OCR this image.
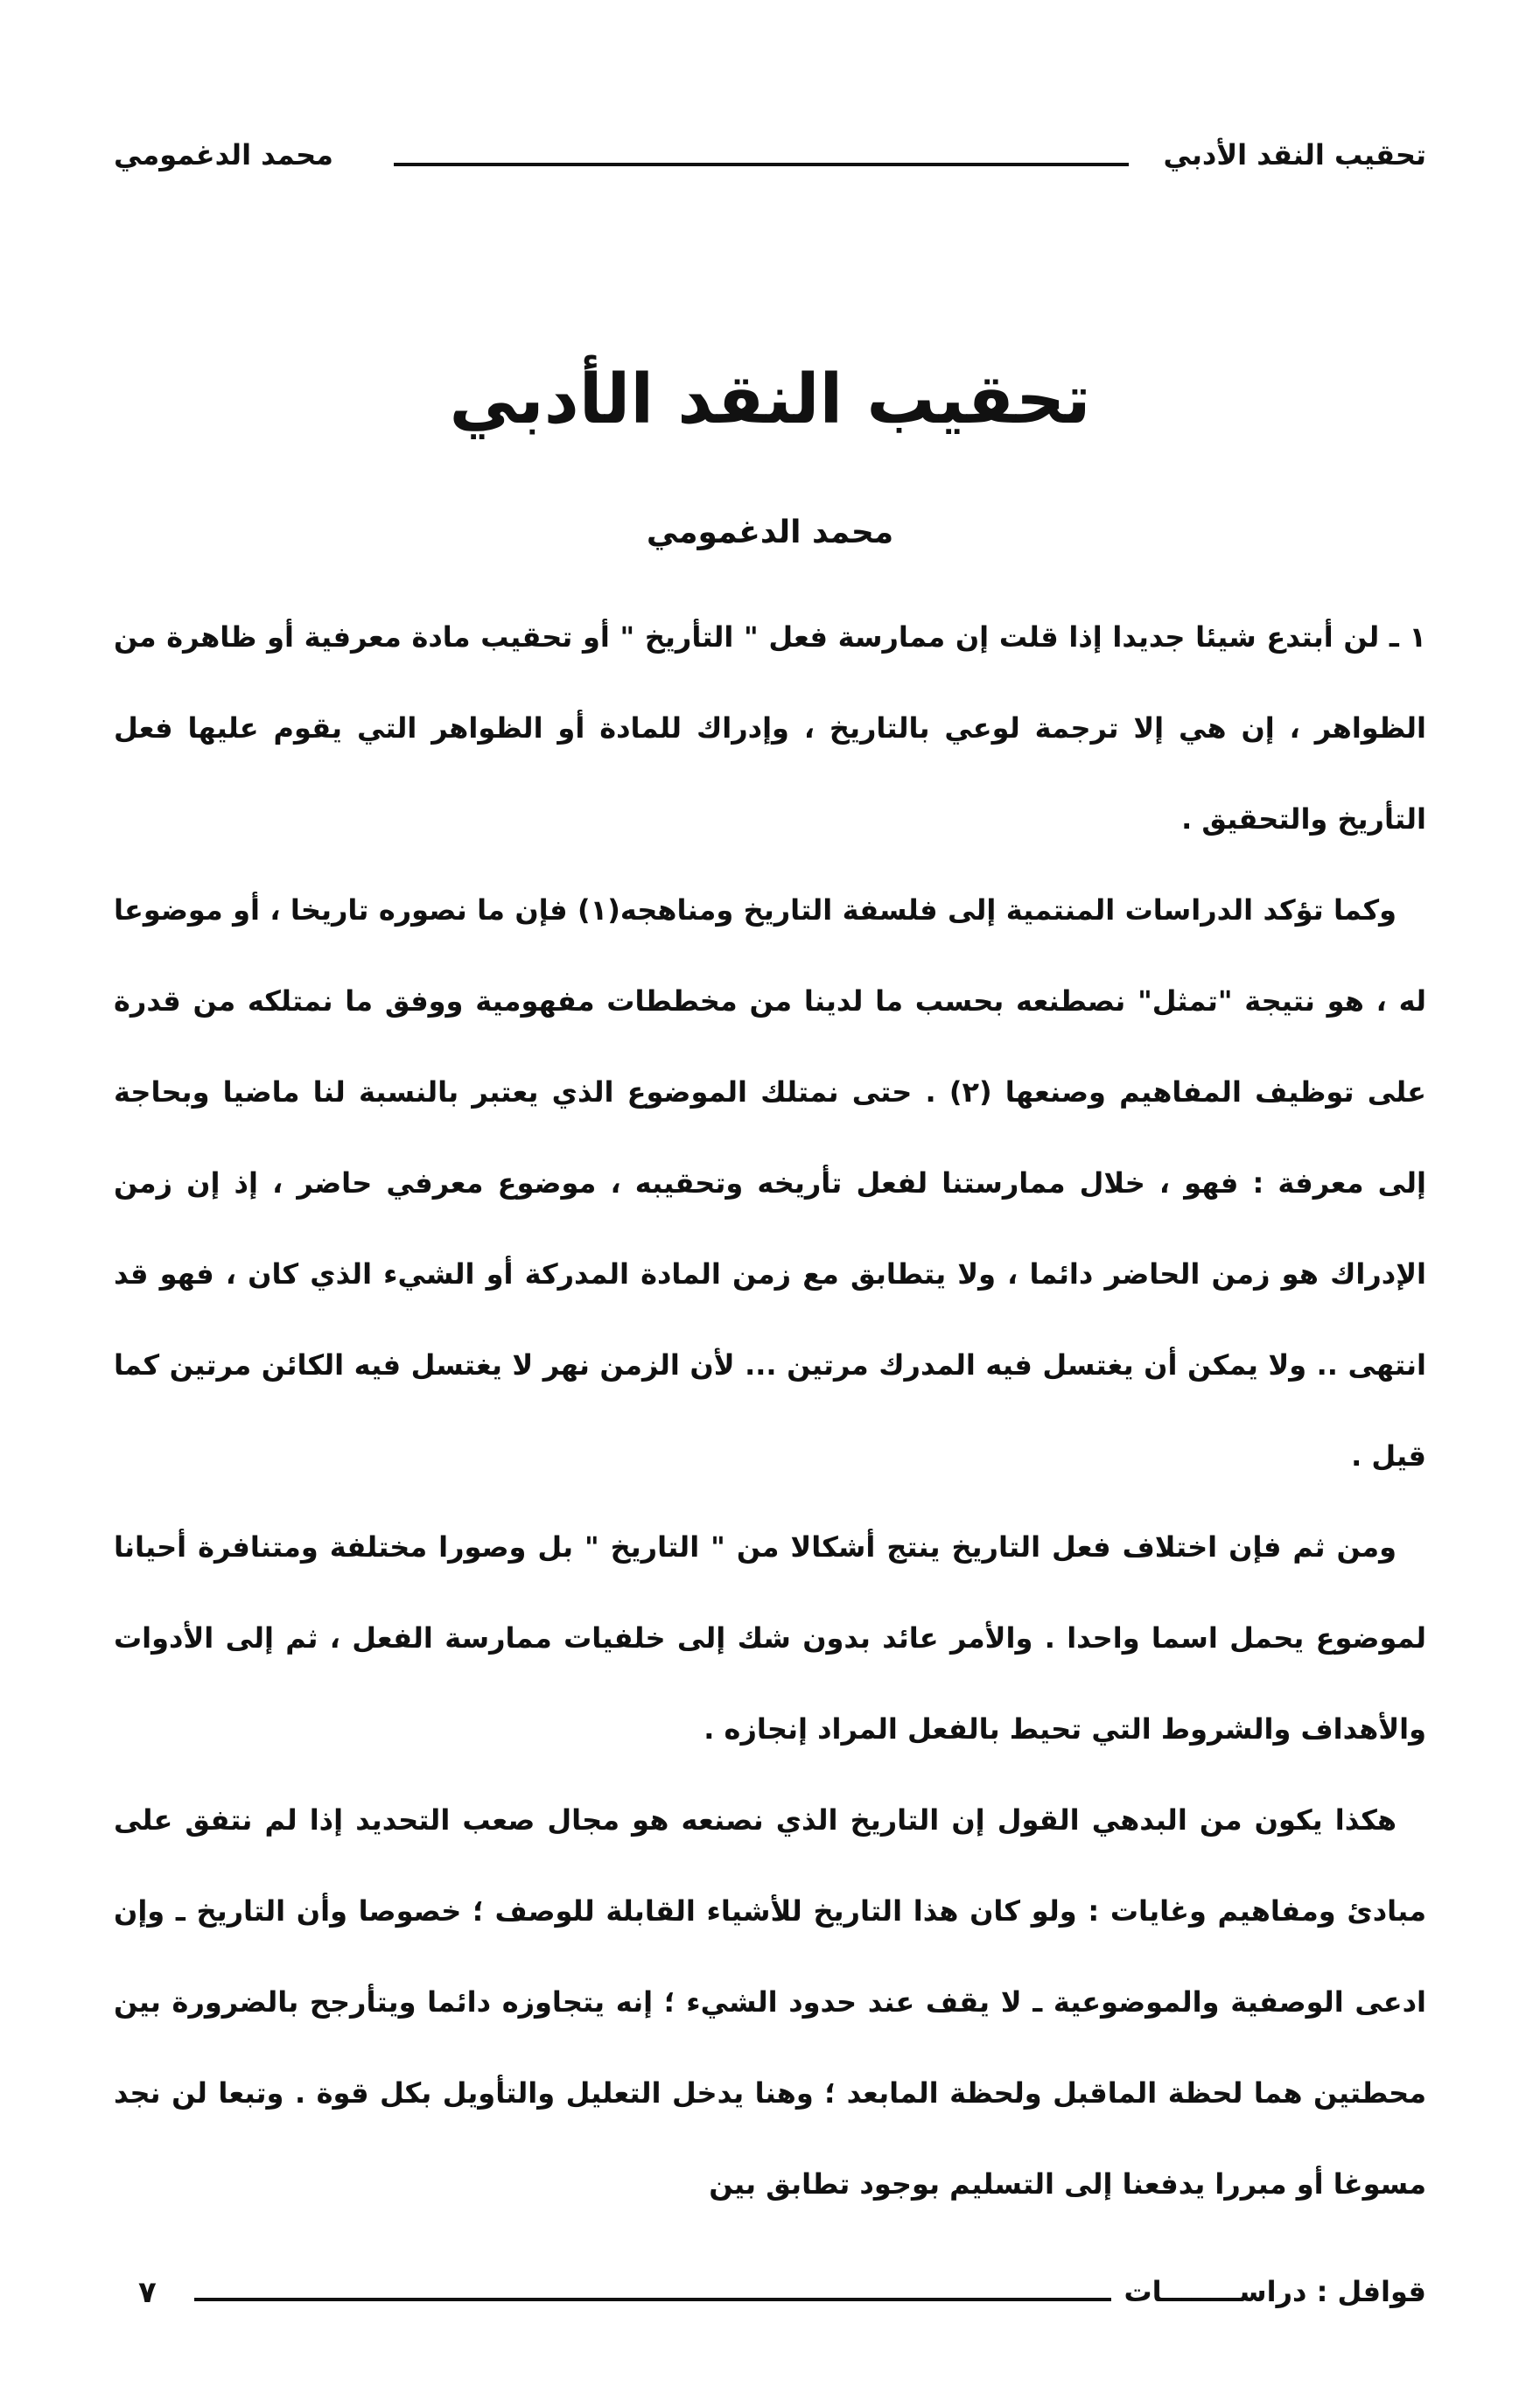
تحقيب النقد الأدبي
محمد الدغمومي
تحقيب النقد الأدبي
محمد الدغمومي

١ ـ لن أبتدع شيئا جديدا إذا قلت إن ممارسة فعل " التأريخ " أو تحقيب مادة معرفية أو ظاهرة من الظواهر ، إن هي إلا ترجمة لوعي بالتاريخ ، وإدراك للمادة أو الظواهر التي يقوم عليها فعل التأريخ والتحقيق .

وكما تؤكد الدراسات المنتمية إلى فلسفة التاريخ ومناهجه(١) فإن ما نصوره تاريخا ، أو موضوعا له ، هو نتيجة "تمثل" نصطنعه بحسب ما لدينا من مخططات مفهومية ووفق ما نمتلكه من قدرة على توظيف المفاهيم وصنعها (٢) . حتى نمتلك الموضوع الذي يعتبر بالنسبة لنا ماضيا وبحاجة إلى معرفة : فهو ، خلال ممارستنا لفعل تأريخه وتحقيبه ، موضوع معرفي حاضر ، إذ إن زمن الإدراك هو زمن الحاضر دائما ، ولا يتطابق مع زمن المادة المدركة أو الشيء الذي كان ، فهو قد انتهى .. ولا يمكن أن يغتسل فيه المدرك مرتين ... لأن الزمن نهر لا يغتسل فيه الكائن مرتين كما قيل .

ومن ثم فإن اختلاف فعل التاريخ ينتج أشكالا من " التاريخ " بل وصورا مختلفة ومتنافرة أحيانا لموضوع يحمل اسما واحدا . والأمر عائد بدون شك إلى خلفيات ممارسة الفعل ، ثم إلى الأدوات والأهداف والشروط التي تحيط بالفعل المراد إنجازه .

هكذا يكون من البدهي القول إن التاريخ الذي نصنعه هو مجال صعب التحديد إذا لم نتفق على مبادئ ومفاهيم وغايات : ولو كان هذا التاريخ للأشياء القابلة للوصف ؛ خصوصا وأن التاريخ ـ وإن ادعى الوصفية والموضوعية ـ لا يقف عند حدود الشيء ؛ إنه يتجاوزه دائما ويتأرجح بالضرورة بين محطتين هما لحظة الماقبل ولحظة المابعد ؛ وهنا يدخل التعليل والتأويل بكل قوة . وتبعا لن نجد مسوغا أو مبررا يدفعنا إلى التسليم بوجود تطابق بين

قوافل : دراســــــــات
٧
